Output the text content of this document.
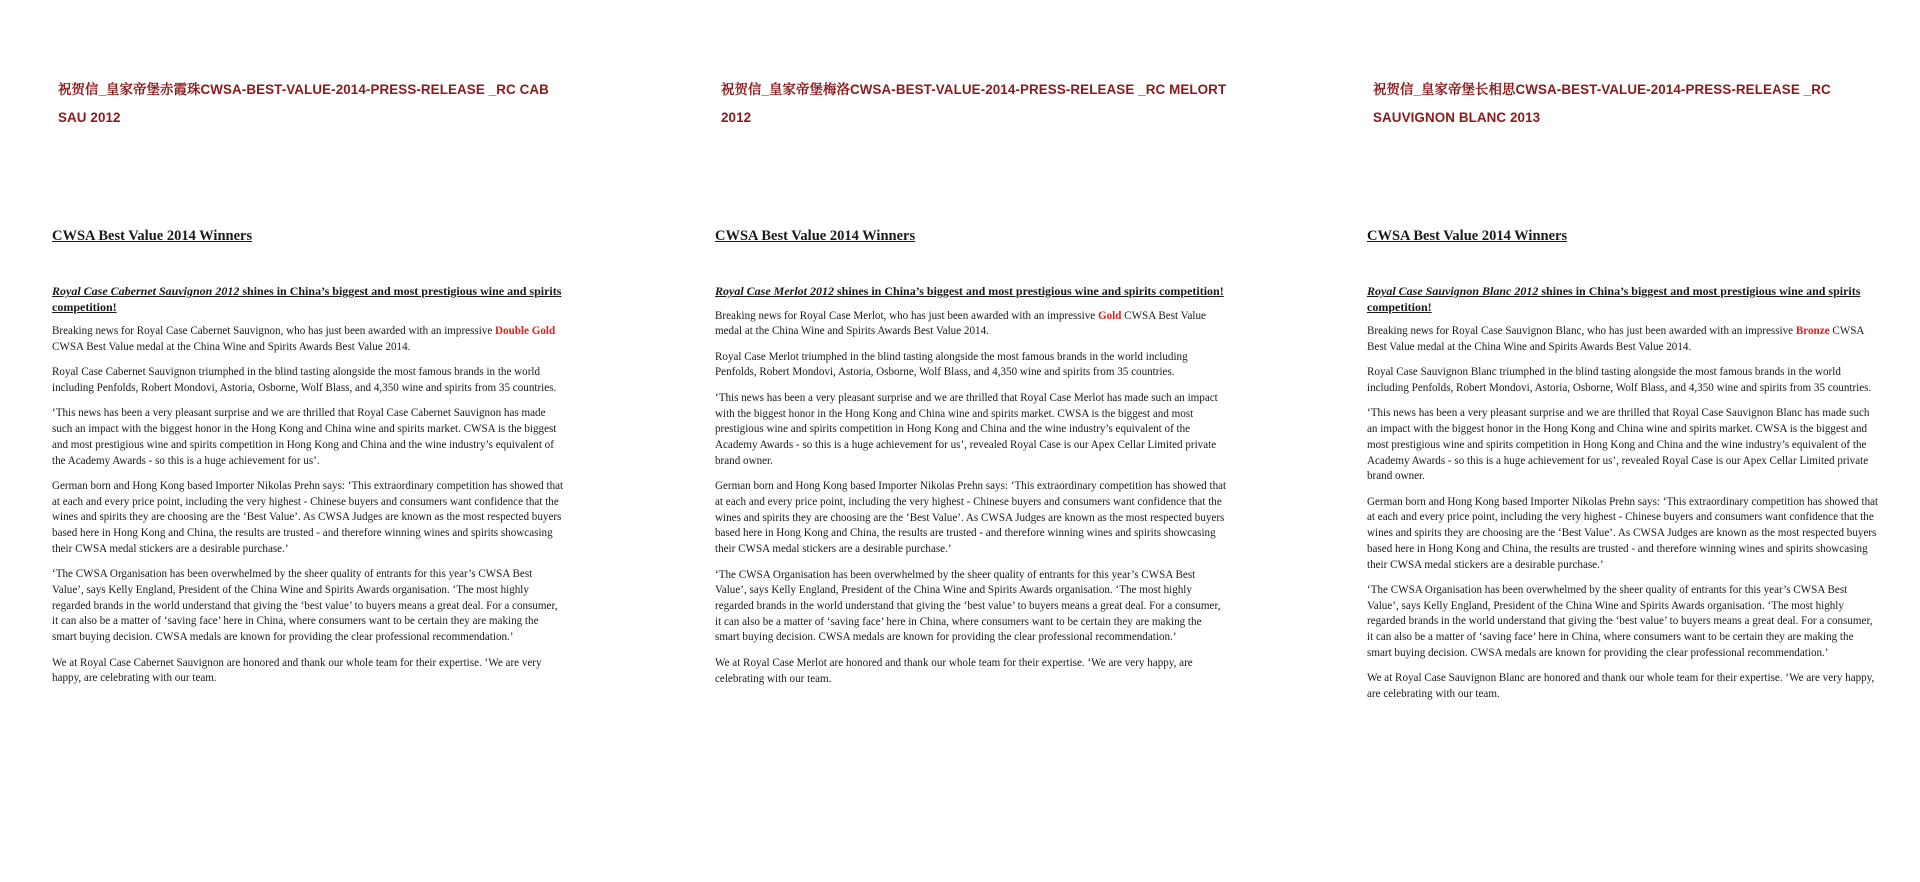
祝贺信_皇家帝堡赤霞珠CWSA-BEST-VALUE-2014-PRESS-RELEASE _RC CAB SAU 2012
CWSA Best Value 2014 Winners
Royal Case Cabernet Sauvignon 2012 shines in China’s biggest and most prestigious wine and spirits competition!

Breaking news for Royal Case Cabernet Sauvignon, who has just been awarded with an impressive Double Gold CWSA Best Value medal at the China Wine and Spirits Awards Best Value 2014.

Royal Case Cabernet Sauvignon triumphed in the blind tasting alongside the most famous brands in the world including Penfolds, Robert Mondovi, Astoria, Osborne, Wolf Blass, and 4,350 wine and spirits from 35 countries.

‘This news has been a very pleasant surprise and we are thrilled that Royal Case Cabernet Sauvignon has made such an impact with the biggest honor in the Hong Kong and China wine and spirits market. CWSA is the biggest and most prestigious wine and spirits competition in Hong Kong and China and the wine industry’s equivalent of the Academy Awards - so this is a huge achievement for us’.

German born and Hong Kong based Importer Nikolas Prehn says: ‘This extraordinary competition has showed that at each and every price point, including the very highest - Chinese buyers and consumers want confidence that the wines and spirits they are choosing are the ‘Best Value’. As CWSA Judges are known as the most respected buyers based here in Hong Kong and China, the results are trusted - and therefore winning wines and spirits showcasing their CWSA medal stickers are a desirable purchase.’

‘The CWSA Organisation has been overwhelmed by the sheer quality of entrants for this year’s CWSA Best Value’, says Kelly England, President of the China Wine and Spirits Awards organisation. ‘The most highly regarded brands in the world understand that giving the ‘best value’ to buyers means a great deal. For a consumer, it can also be a matter of ‘saving face’ here in China, where consumers want to be certain they are making the smart buying decision. CWSA medals are known for providing the clear professional recommendation.’

We at Royal Case Cabernet Sauvignon are honored and thank our whole team for their expertise. ‘We are very happy, are celebrating with our team.

祝贺信_皇家帝堡梅洛CWSA-BEST-VALUE-2014-PRESS-RELEASE _RC MELORT 2012
CWSA Best Value 2014 Winners
Royal Case Merlot 2012 shines in China’s biggest and most prestigious wine and spirits competition!

Breaking news for Royal Case Merlot, who has just been awarded with an impressive Gold CWSA Best Value medal at the China Wine and Spirits Awards Best Value 2014.

Royal Case Merlot triumphed in the blind tasting alongside the most famous brands in the world including Penfolds, Robert Mondovi, Astoria, Osborne, Wolf Blass, and 4,350 wine and spirits from 35 countries.

‘This news has been a very pleasant surprise and we are thrilled that Royal Case Merlot has made such an impact with the biggest honor in the Hong Kong and China wine and spirits market. CWSA is the biggest and most prestigious wine and spirits competition in Hong Kong and China and the wine industry’s equivalent of the Academy Awards - so this is a huge achievement for us’, revealed Royal Case is our Apex Cellar Limited private brand owner.

German born and Hong Kong based Importer Nikolas Prehn says: ‘This extraordinary competition has showed that at each and every price point, including the very highest - Chinese buyers and consumers want confidence that the wines and spirits they are choosing are the ‘Best Value’. As CWSA Judges are known as the most respected buyers based here in Hong Kong and China, the results are trusted - and therefore winning wines and spirits showcasing their CWSA medal stickers are a desirable purchase.’

‘The CWSA Organisation has been overwhelmed by the sheer quality of entrants for this year’s CWSA Best Value’, says Kelly England, President of the China Wine and Spirits Awards organisation. ‘The most highly regarded brands in the world understand that giving the ‘best value’ to buyers means a great deal. For a consumer, it can also be a matter of ‘saving face’ here in China, where consumers want to be certain they are making the smart buying decision. CWSA medals are known for providing the clear professional recommendation.’

We at Royal Case Merlot are honored and thank our whole team for their expertise. ‘We are very happy, are celebrating with our team.

祝贺信_皇家帝堡长相思CWSA-BEST-VALUE-2014-PRESS-RELEASE _RC SAUVIGNON BLANC 2013
CWSA Best Value 2014 Winners
Royal Case Sauvignon Blanc 2012 shines in China’s biggest and most prestigious wine and spirits competition!

Breaking news for Royal Case Sauvignon Blanc, who has just been awarded with an impressive Bronze CWSA Best Value medal at the China Wine and Spirits Awards Best Value 2014.

Royal Case Sauvignon Blanc triumphed in the blind tasting alongside the most famous brands in the world including Penfolds, Robert Mondovi, Astoria, Osborne, Wolf Blass, and 4,350 wine and spirits from 35 countries.

‘This news has been a very pleasant surprise and we are thrilled that Royal Case Sauvignon Blanc has made such an impact with the biggest honor in the Hong Kong and China wine and spirits market. CWSA is the biggest and most prestigious wine and spirits competition in Hong Kong and China and the wine industry’s equivalent of the Academy Awards - so this is a huge achievement for us’, revealed Royal Case is our Apex Cellar Limited private brand owner.

German born and Hong Kong based Importer Nikolas Prehn says: ‘This extraordinary competition has showed that at each and every price point, including the very highest - Chinese buyers and consumers want confidence that the wines and spirits they are choosing are the ‘Best Value’. As CWSA Judges are known as the most respected buyers based here in Hong Kong and China, the results are trusted - and therefore winning wines and spirits showcasing their CWSA medal stickers are a desirable purchase.’

‘The CWSA Organisation has been overwhelmed by the sheer quality of entrants for this year’s CWSA Best Value’, says Kelly England, President of the China Wine and Spirits Awards organisation. ‘The most highly regarded brands in the world understand that giving the ‘best value’ to buyers means a great deal. For a consumer, it can also be a matter of ‘saving face’ here in China, where consumers want to be certain they are making the smart buying decision. CWSA medals are known for providing the clear professional recommendation.’

We at Royal Case Sauvignon Blanc are honored and thank our whole team for their expertise. ‘We are very happy, are celebrating with our team.
